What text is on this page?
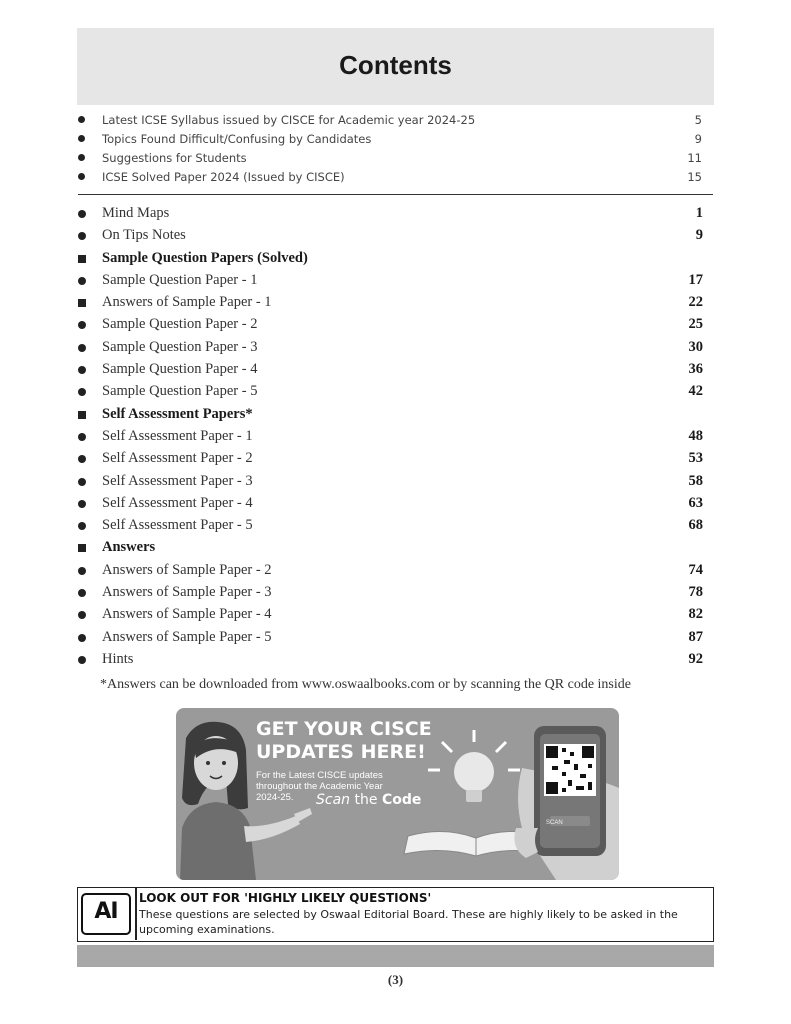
Contents
Latest ICSE Syllabus issued by CISCE for Academic year 2024-25	5
Topics Found Difficult/Confusing by Candidates	9
Suggestions for Students	11
ICSE Solved Paper 2024 (Issued by CISCE)	15
Mind Maps	1
On Tips Notes	9
Sample Question Papers (Solved)
Sample Question Paper - 1	17
Answers of Sample Paper - 1	22
Sample Question Paper - 2	25
Sample Question Paper - 3	30
Sample Question Paper - 4	36
Sample Question Paper - 5	42
Self Assessment Papers*
Self Assessment Paper - 1	48
Self Assessment Paper - 2	53
Self Assessment Paper - 3	58
Self Assessment Paper - 4	63
Self Assessment Paper - 5	68
Answers
Answers of Sample Paper - 2	74
Answers of Sample Paper - 3	78
Answers of Sample Paper - 4	82
Answers of Sample Paper - 5	87
Hints	92
*Answers can be downloaded from www.oswaalbooks.com or by scanning the QR code inside
GET YOUR CISCE
UPDATES HERE!
For the Latest CISCE updates throughout the Academic Year 2024-25.	Scan the Code
SCAN
AI
LOOK OUT FOR 'HIGHLY LIKELY QUESTIONS'
These questions are selected by Oswaal Editorial Board. These are highly likely to be asked in the upcoming examinations.
(3)
